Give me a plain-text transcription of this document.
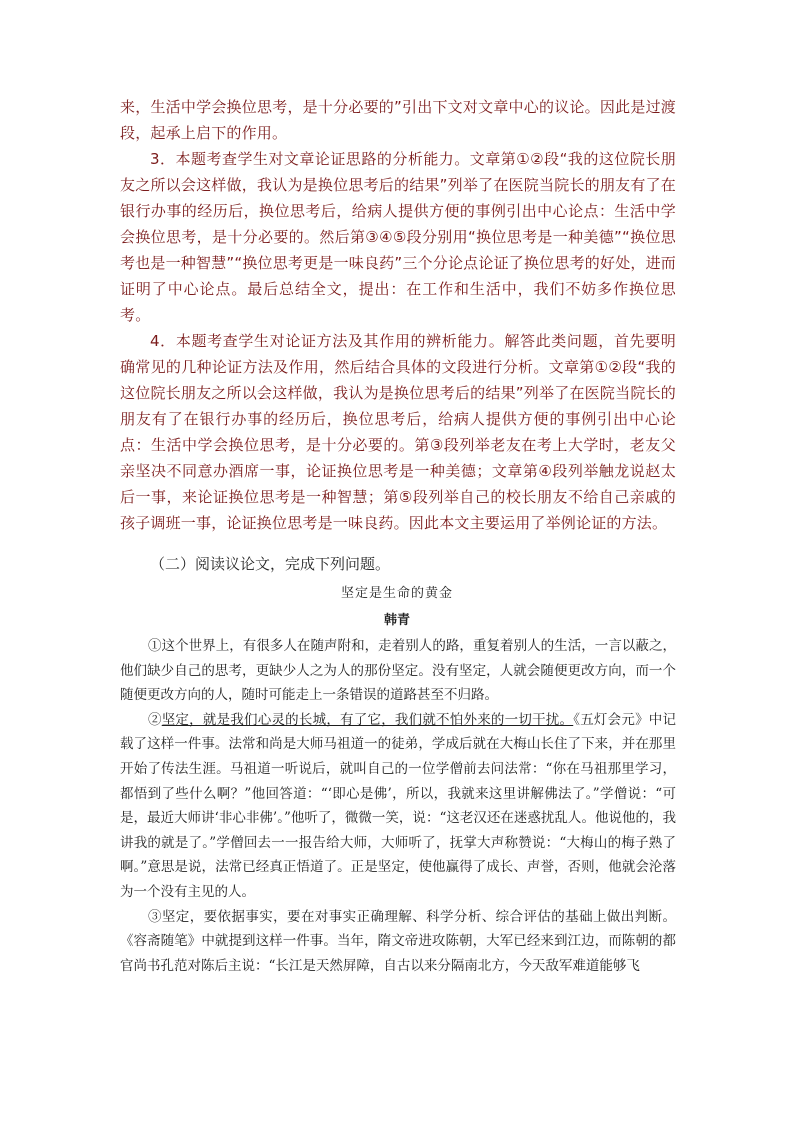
来，生活中学会换位思考，是十分必要的”引出下文对文章中心的议论。因此是过渡段，起承上启下的作用。

3．本题考查学生对文章论证思路的分析能力。文章第①②段“我的这位院长朋友之所以会这样做，我认为是换位思考后的结果”列举了在医院当院长的朋友有了在银行办事的经历后，换位思考后，给病人提供方便的事例引出中心论点：生活中学会换位思考，是十分必要的。然后第③④⑤段分别用“换位思考是一种美德”“换位思考也是一种智慧”“换位思考更是一味良药”三个分论点论证了换位思考的好处，进而证明了中心论点。最后总结全文，提出：在工作和生活中，我们不妨多作换位思考。

4．本题考查学生对论证方法及其作用的辨析能力。解答此类问题，首先要明确常见的几种论证方法及作用，然后结合具体的文段进行分析。文章第①②段“我的这位院长朋友之所以会这样做，我认为是换位思考后的结果”列举了在医院当院长的朋友有了在银行办事的经历后，换位思考后，给病人提供方便的事例引出中心论点：生活中学会换位思考，是十分必要的。第③段列举老友在考上大学时，老友父亲坚决不同意办酒席一事，论证换位思考是一种美德；文章第④段列举触龙说赵太后一事，来论证换位思考是一种智慧；第⑤段列举自己的校长朋友不给自己亲戚的孩子调班一事，论证换位思考是一味良药。因此本文主要运用了举例论证的方法。

（二）阅读议论文，完成下列问题。
坚定是生命的黄金
韩青

①这个世界上，有很多人在随声附和，走着别人的路，重复着别人的生活，一言以蔽之，他们缺少自己的思考，更缺少人之为人的那份坚定。没有坚定，人就会随便更改方向，而一个随便更改方向的人，随时可能走上一条错误的道路甚至不归路。

②坚定，就是我们心灵的长城，有了它，我们就不怕外来的一切干扰。《五灯会元》中记载了这样一件事。法常和尚是大师马祖道一的徒弟，学成后就在大梅山长住了下来，并在那里开始了传法生涯。马祖道一听说后，就叫自己的一位学僧前去问法常：“你在马祖那里学习，都悟到了些什么啊？”他回答道：“‘即心是佛’，所以，我就来这里讲解佛法了。”学僧说：“可是，最近大师讲‘非心非佛’。”他听了，微微一笑，说：“这老汉还在迷惑扰乱人。他说他的，我讲我的就是了。”学僧回去一一报告给大师，大师听了，抚掌大声称赞说：“大梅山的梅子熟了啊。”意思是说，法常已经真正悟道了。正是坚定，使他赢得了成长、声誉，否则，他就会沦落为一个没有主见的人。

③坚定，要依据事实，要在对事实正确理解、科学分析、综合评估的基础上做出判断。《容斋随笔》中就提到这样一件事。当年，隋文帝进攻陈朝，大军已经来到江边，而陈朝的都官尚书孔范对陈后主说：“长江是天然屏障，自古以来分隔南北方，今天敌军难道能够飞
